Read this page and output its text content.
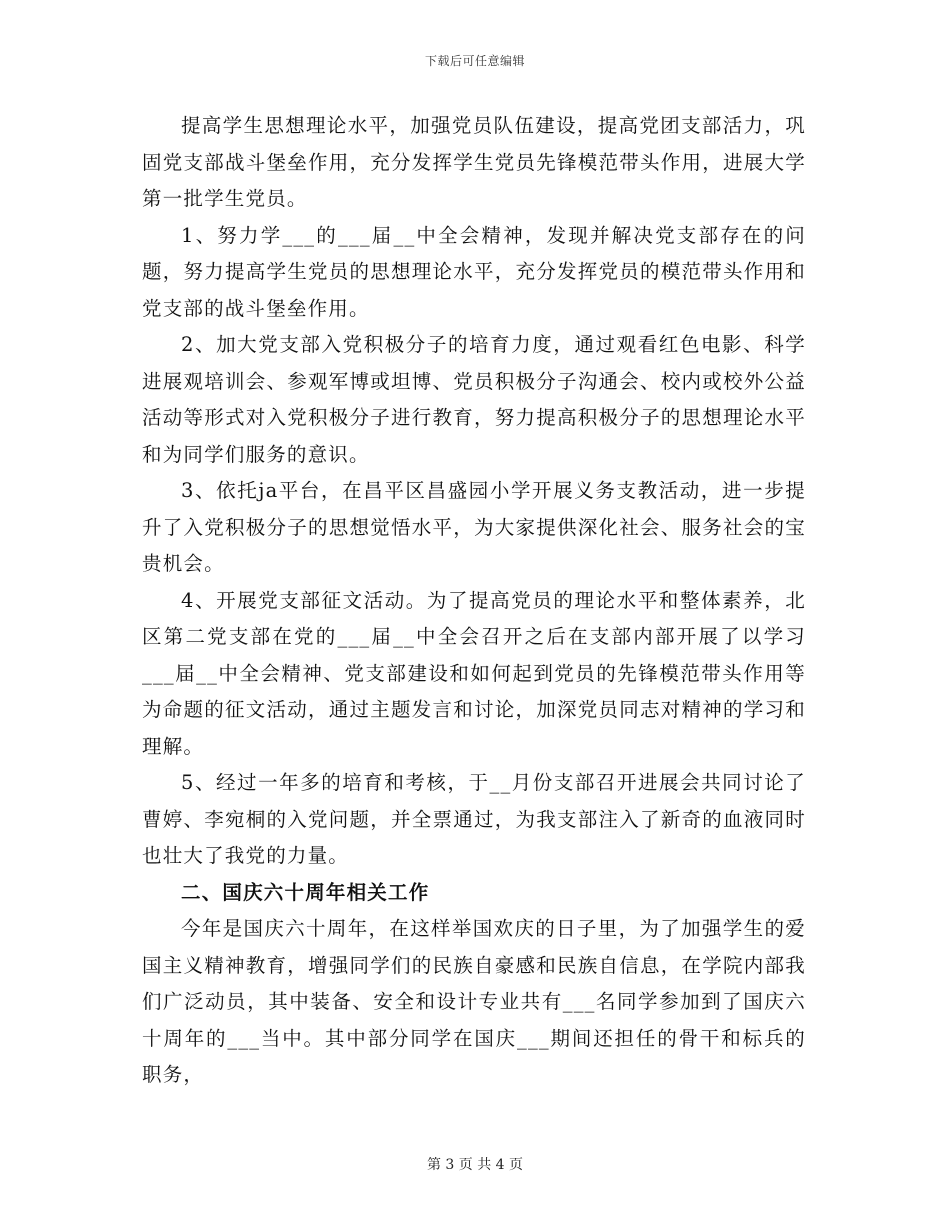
下载后可任意编辑

提高学生思想理论水平，加强党员队伍建设，提高党团支部活力，巩固党支部战斗堡垒作用，充分发挥学生党员先锋模范带头作用，进展大学第一批学生党员。

1、努力学___的___届__中全会精神，发现并解决党支部存在的问题，努力提高学生党员的思想理论水平，充分发挥党员的模范带头作用和党支部的战斗堡垒作用。

2、加大党支部入党积极分子的培育力度，通过观看红色电影、科学进展观培训会、参观军博或坦博、党员积极分子沟通会、校内或校外公益活动等形式对入党积极分子进行教育，努力提高积极分子的思想理论水平和为同学们服务的意识。

3、依托ja平台，在昌平区昌盛园小学开展义务支教活动，进一步提升了入党积极分子的思想觉悟水平，为大家提供深化社会、服务社会的宝贵机会。

4、开展党支部征文活动。为了提高党员的理论水平和整体素养，北区第二党支部在党的___届__中全会召开之后在支部内部开展了以学习___届__中全会精神、党支部建设和如何起到党员的先锋模范带头作用等为命题的征文活动，通过主题发言和讨论，加深党员同志对精神的学习和理解。

5、经过一年多的培育和考核，于__月份支部召开进展会共同讨论了曹婷、李宛桐的入党问题，并全票通过，为我支部注入了新奇的血液同时也壮大了我党的力量。

二、国庆六十周年相关工作

今年是国庆六十周年，在这样举国欢庆的日子里，为了加强学生的爱国主义精神教育，增强同学们的民族自豪感和民族自信息，在学院内部我们广泛动员，其中装备、安全和设计专业共有___名同学参加到了国庆六十周年的___当中。其中部分同学在国庆___期间还担任的骨干和标兵的职务，

第 3 页 共 4 页
